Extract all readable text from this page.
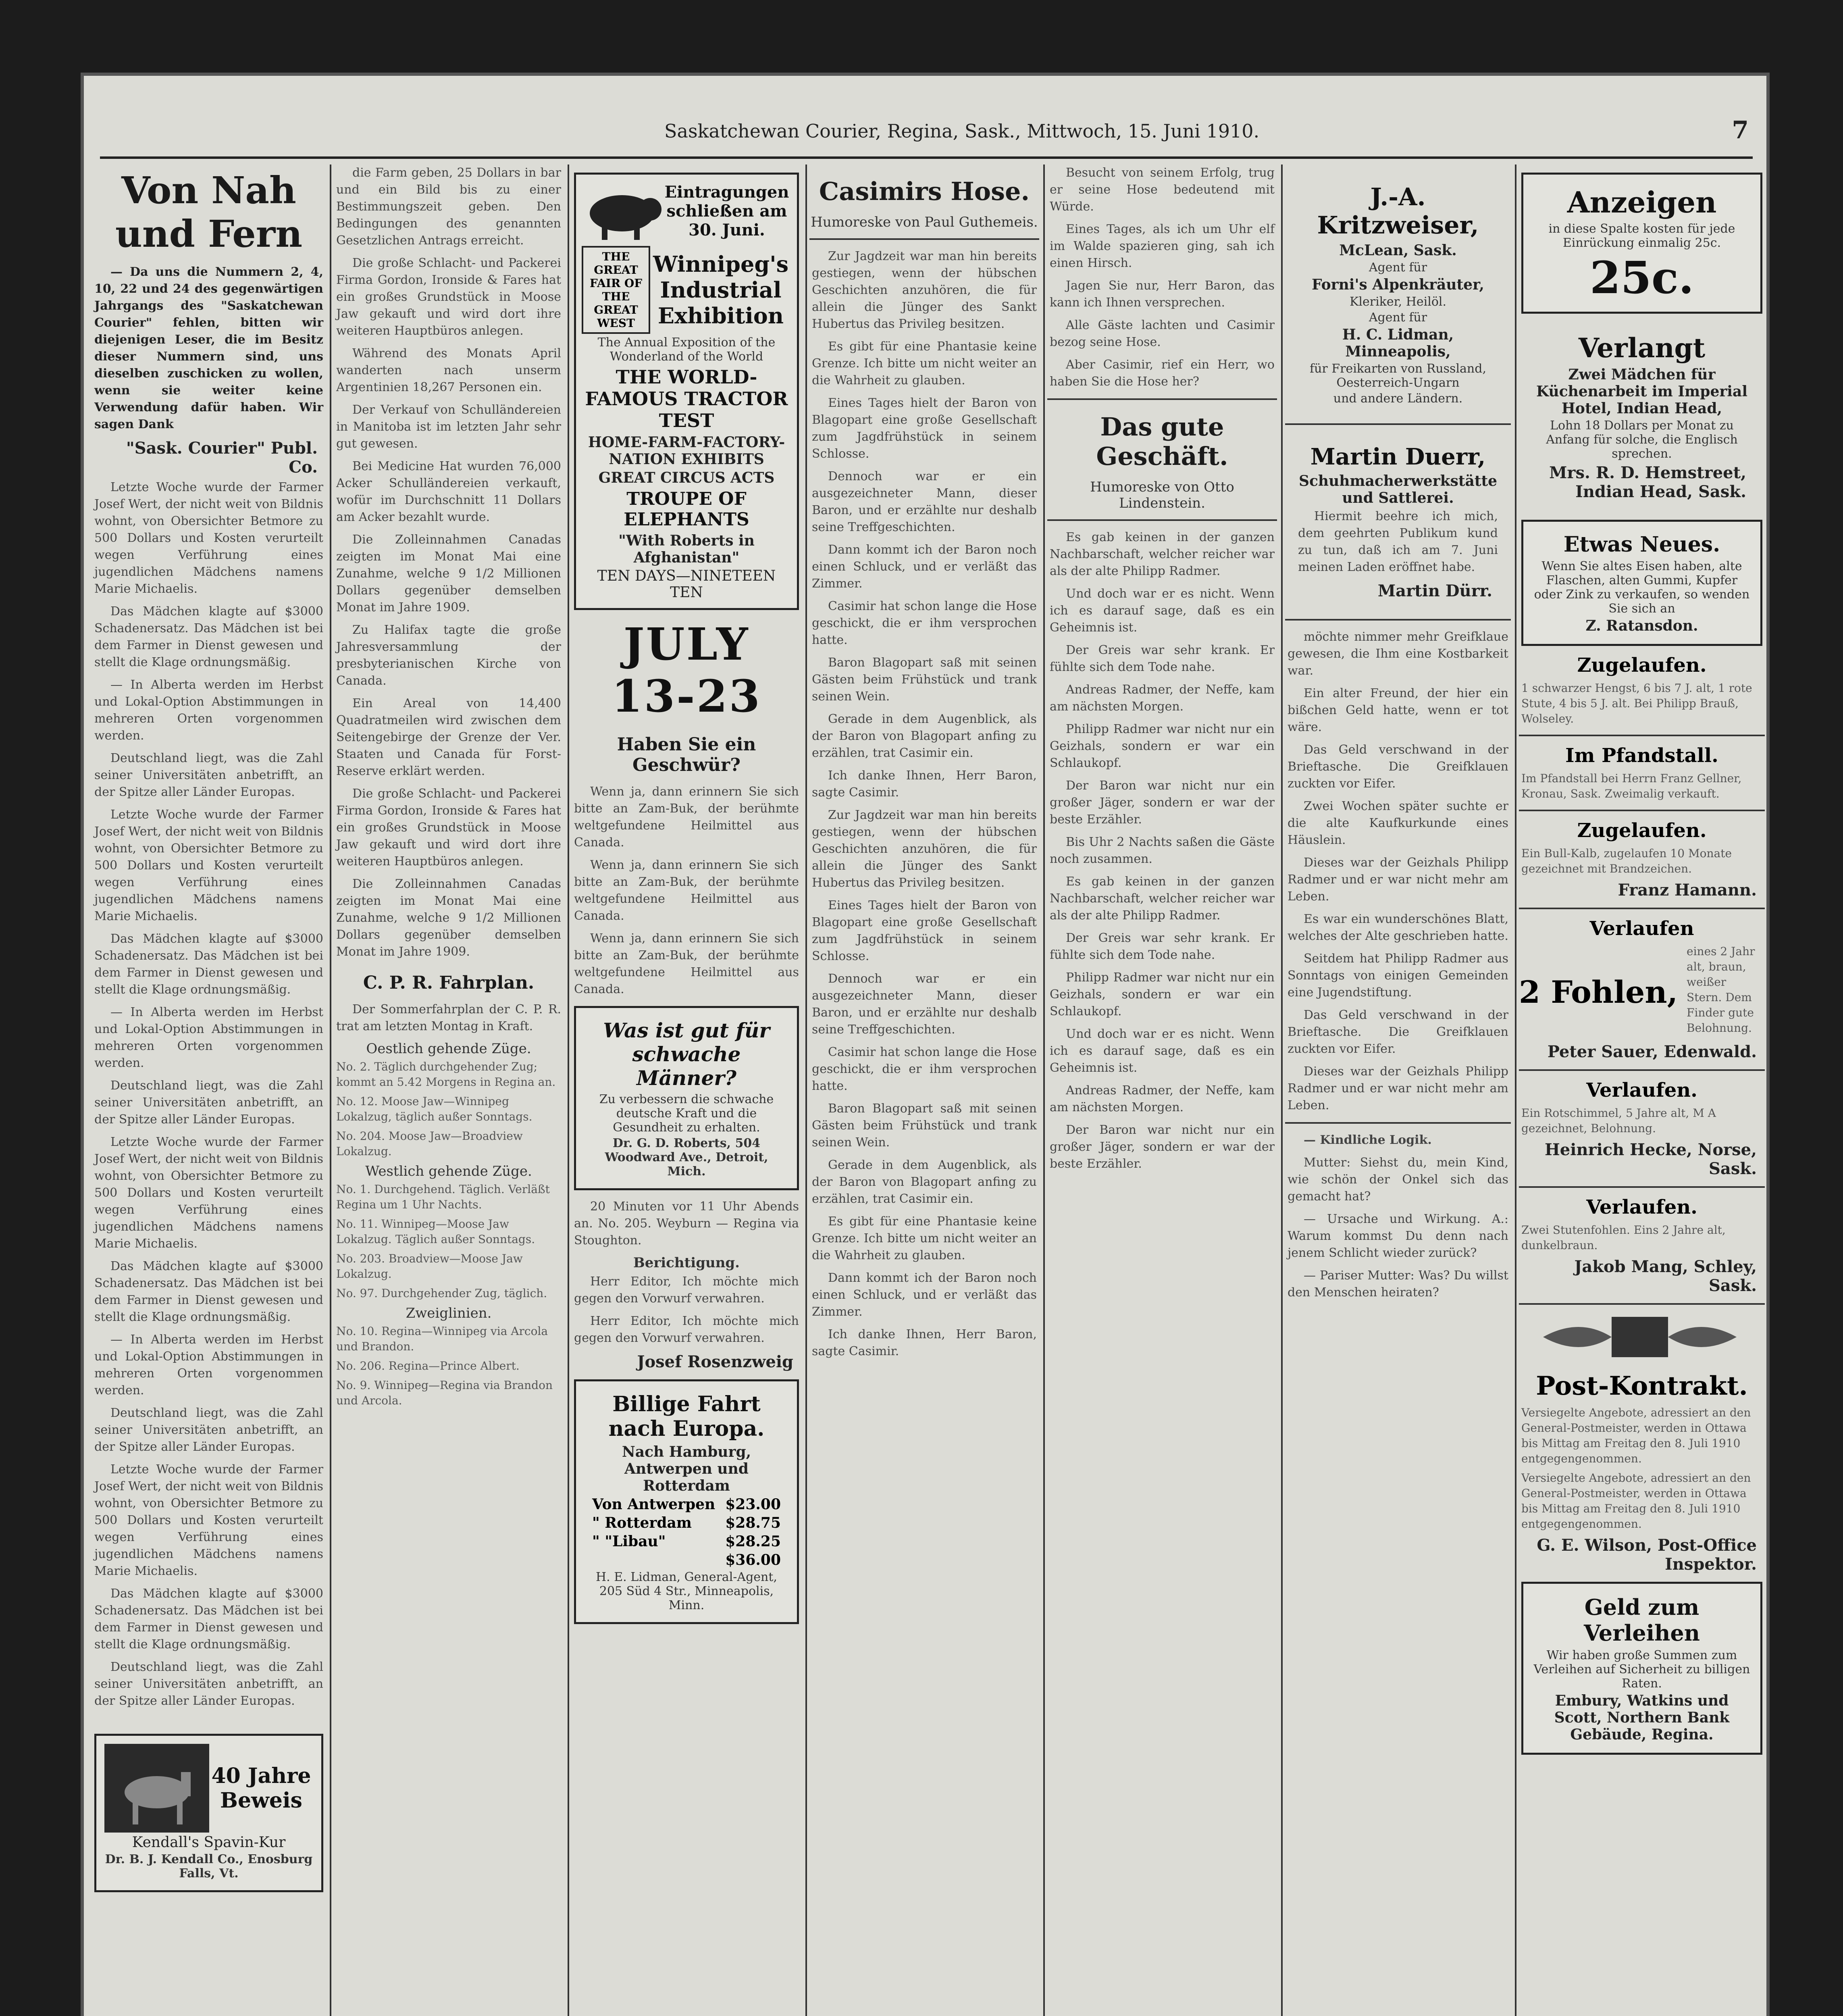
Saskatchewan Courier, Regina, Sask., Mittwoch, 15. Juni 1910.	7
Von Nah und Fern

— Da uns die Nummern 2, 4, 10, 22 und 24 des gegenwärtigen Jahrgangs des "Saskatchewan Courier" fehlen, bitten wir diejenigen Leser, die im Besitz dieser Nummern sind, uns dieselben zuschicken zu wollen, wenn sie weiter keine Verwendung dafür haben. Wir sagen Dank

"Sask. Courier" Publ. Co.

Letzte Woche wurde der Farmer Josef Wert, der nicht weit von Bildnis wohnt, von Obersichter Betmore zu 500 Dollars und Kosten verurteilt wegen Verführung eines jugendlichen Mädchens namens Marie Michaelis.

Das Mädchen klagte auf $3000 Schadenersatz. Das Mädchen ist bei dem Farmer in Dienst gewesen und stellt die Klage ordnungsmäßig.

— In Alberta werden im Herbst und Lokal-Option Abstimmungen in mehreren Orten vorgenommen werden.

Deutschland liegt, was die Zahl seiner Universitäten anbetrifft, an der Spitze aller Länder Europas.

Letzte Woche wurde der Farmer Josef Wert, der nicht weit von Bildnis wohnt, von Obersichter Betmore zu 500 Dollars und Kosten verurteilt wegen Verführung eines jugendlichen Mädchens namens Marie Michaelis.

Das Mädchen klagte auf $3000 Schadenersatz. Das Mädchen ist bei dem Farmer in Dienst gewesen und stellt die Klage ordnungsmäßig.

— In Alberta werden im Herbst und Lokal-Option Abstimmungen in mehreren Orten vorgenommen werden.

Deutschland liegt, was die Zahl seiner Universitäten anbetrifft, an der Spitze aller Länder Europas.

Letzte Woche wurde der Farmer Josef Wert, der nicht weit von Bildnis wohnt, von Obersichter Betmore zu 500 Dollars und Kosten verurteilt wegen Verführung eines jugendlichen Mädchens namens Marie Michaelis.

Das Mädchen klagte auf $3000 Schadenersatz. Das Mädchen ist bei dem Farmer in Dienst gewesen und stellt die Klage ordnungsmäßig.

— In Alberta werden im Herbst und Lokal-Option Abstimmungen in mehreren Orten vorgenommen werden.

Deutschland liegt, was die Zahl seiner Universitäten anbetrifft, an der Spitze aller Länder Europas.

Letzte Woche wurde der Farmer Josef Wert, der nicht weit von Bildnis wohnt, von Obersichter Betmore zu 500 Dollars und Kosten verurteilt wegen Verführung eines jugendlichen Mädchens namens Marie Michaelis.

Das Mädchen klagte auf $3000 Schadenersatz. Das Mädchen ist bei dem Farmer in Dienst gewesen und stellt die Klage ordnungsmäßig.

Deutschland liegt, was die Zahl seiner Universitäten anbetrifft, an der Spitze aller Länder Europas.

40 Jahre Beweis
Kendall's Spavin-Kur
Dr. B. J. Kendall Co., Enosburg Falls, Vt.

die Farm geben, 25 Dollars in bar und ein Bild bis zu einer Bestimmungszeit geben. Den Bedingungen des genannten Gesetzlichen Antrags erreicht.

Die große Schlacht- und Packerei Firma Gordon, Ironside & Fares hat ein großes Grundstück in Moose Jaw gekauft und wird dort ihre weiteren Hauptbüros anlegen.

Während des Monats April wanderten nach unserm Argentinien 18,267 Personen ein.

Der Verkauf von Schulländereien in Manitoba ist im letzten Jahr sehr gut gewesen.

Bei Medicine Hat wurden 76,000 Acker Schulländereien verkauft, wofür im Durchschnitt 11 Dollars am Acker bezahlt wurde.

Die Zolleinnahmen Canadas zeigten im Monat Mai eine Zunahme, welche 9 1/2 Millionen Dollars gegenüber demselben Monat im Jahre 1909.

Zu Halifax tagte die große Jahresversammlung der presbyterianischen Kirche von Canada.

Ein Areal von 14,400 Quadratmeilen wird zwischen dem Seitengebirge der Grenze der Ver. Staaten und Canada für Forst-Reserve erklärt werden.

Die große Schlacht- und Packerei Firma Gordon, Ironside & Fares hat ein großes Grundstück in Moose Jaw gekauft und wird dort ihre weiteren Hauptbüros anlegen.

Die Zolleinnahmen Canadas zeigten im Monat Mai eine Zunahme, welche 9 1/2 Millionen Dollars gegenüber demselben Monat im Jahre 1909.

C. P. R. Fahrplan.

Der Sommerfahrplan der C. P. R. trat am letzten Montag in Kraft.

Oestlich gehende Züge.

No. 2. Täglich durchgehender Zug; kommt an 5.42 Morgens in Regina an.

No. 12. Moose Jaw—Winnipeg Lokalzug, täglich außer Sonntags.

No. 204. Moose Jaw—Broadview Lokalzug.

Westlich gehende Züge.

No. 1. Durchgehend. Täglich. Verläßt Regina um 1 Uhr Nachts.

No. 11. Winnipeg—Moose Jaw Lokalzug. Täglich außer Sonntags.

No. 203. Broadview—Moose Jaw Lokalzug.

No. 97. Durchgehender Zug, täglich.

Zweiglinien.

No. 10. Regina—Winnipeg via Arcola und Brandon.

No. 206. Regina—Prince Albert.

No. 9. Winnipeg—Regina via Brandon und Arcola.

Eintragungen schließen am 30. Juni.
THE GREAT FAIR OF THE GREAT WEST
Winnipeg's Industrial Exhibition
The Annual Exposition of the Wonderland of the World
THE WORLD-FAMOUS TRACTOR TEST
HOME-FARM-FACTORY-NATION EXHIBITS
GREAT CIRCUS ACTS
TROUPE OF ELEPHANTS
"With Roberts in Afghanistan"
TEN DAYS—NINETEEN TEN
JULY 13-23
Haben Sie ein Geschwür?

Wenn ja, dann erinnern Sie sich bitte an Zam-Buk, der berühmte weltgefundene Heilmittel aus Canada.

Wenn ja, dann erinnern Sie sich bitte an Zam-Buk, der berühmte weltgefundene Heilmittel aus Canada.

Wenn ja, dann erinnern Sie sich bitte an Zam-Buk, der berühmte weltgefundene Heilmittel aus Canada.

Was ist gut für schwache Männer?
Zu verbessern die schwache deutsche Kraft und die Gesundheit zu erhalten.
Dr. G. D. Roberts, 504 Woodward Ave., Detroit, Mich.

20 Minuten vor 11 Uhr Abends an. No. 205. Weyburn — Regina via Stoughton.

Berichtigung.

Herr Editor, Ich möchte mich gegen den Vorwurf verwahren.

Herr Editor, Ich möchte mich gegen den Vorwurf verwahren.

Josef Rosenzweig
Billige Fahrt nach Europa.
Nach Hamburg, Antwerpen und Rotterdam
Von Antwerpen $23.00
" Rotterdam $28.75
" "Libau"	$28.25
$36.00
H. E. Lidman, General-Agent, 205 Süd 4 Str., Minneapolis, Minn.
Casimirs Hose.
Humoreske von Paul Guthemeis.

Zur Jagdzeit war man hin bereits gestiegen, wenn der hübschen Geschichten anzuhören, die für allein die Jünger des Sankt Hubertus das Privileg besitzen.

Es gibt für eine Phantasie keine Grenze. Ich bitte um nicht weiter an die Wahrheit zu glauben.

Eines Tages hielt der Baron von Blagopart eine große Gesellschaft zum Jagdfrühstück in seinem Schlosse.

Dennoch war er ein ausgezeichneter Mann, dieser Baron, und er erzählte nur deshalb seine Treffgeschichten.

Dann kommt ich der Baron noch einen Schluck, und er verläßt das Zimmer.

Casimir hat schon lange die Hose geschickt, die er ihm versprochen hatte.

Baron Blagopart saß mit seinen Gästen beim Frühstück und trank seinen Wein.

Gerade in dem Augenblick, als der Baron von Blagopart anfing zu erzählen, trat Casimir ein.

Ich danke Ihnen, Herr Baron, sagte Casimir.

Zur Jagdzeit war man hin bereits gestiegen, wenn der hübschen Geschichten anzuhören, die für allein die Jünger des Sankt Hubertus das Privileg besitzen.

Eines Tages hielt der Baron von Blagopart eine große Gesellschaft zum Jagdfrühstück in seinem Schlosse.

Dennoch war er ein ausgezeichneter Mann, dieser Baron, und er erzählte nur deshalb seine Treffgeschichten.

Casimir hat schon lange die Hose geschickt, die er ihm versprochen hatte.

Baron Blagopart saß mit seinen Gästen beim Frühstück und trank seinen Wein.

Gerade in dem Augenblick, als der Baron von Blagopart anfing zu erzählen, trat Casimir ein.

Es gibt für eine Phantasie keine Grenze. Ich bitte um nicht weiter an die Wahrheit zu glauben.

Dann kommt ich der Baron noch einen Schluck, und er verläßt das Zimmer.

Ich danke Ihnen, Herr Baron, sagte Casimir.

Besucht von seinem Erfolg, trug er seine Hose bedeutend mit Würde.

Eines Tages, als ich um Uhr elf im Walde spazieren ging, sah ich einen Hirsch.

Jagen Sie nur, Herr Baron, das kann ich Ihnen versprechen.

Alle Gäste lachten und Casimir bezog seine Hose.

Aber Casimir, rief ein Herr, wo haben Sie die Hose her?

Das gute Geschäft.
Humoreske von Otto Lindenstein.

Es gab keinen in der ganzen Nachbarschaft, welcher reicher war als der alte Philipp Radmer.

Und doch war er es nicht. Wenn ich es darauf sage, daß es ein Geheimnis ist.

Der Greis war sehr krank. Er fühlte sich dem Tode nahe.

Andreas Radmer, der Neffe, kam am nächsten Morgen.

Philipp Radmer war nicht nur ein Geizhals, sondern er war ein Schlaukopf.

Der Baron war nicht nur ein großer Jäger, sondern er war der beste Erzähler.

Bis Uhr 2 Nachts saßen die Gäste noch zusammen.

Es gab keinen in der ganzen Nachbarschaft, welcher reicher war als der alte Philipp Radmer.

Der Greis war sehr krank. Er fühlte sich dem Tode nahe.

Philipp Radmer war nicht nur ein Geizhals, sondern er war ein Schlaukopf.

Und doch war er es nicht. Wenn ich es darauf sage, daß es ein Geheimnis ist.

Andreas Radmer, der Neffe, kam am nächsten Morgen.

Der Baron war nicht nur ein großer Jäger, sondern er war der beste Erzähler.

J.-A. Kritzweiser,
McLean, Sask.
Agent für
Forni's Alpenkräuter,
Kleriker, Heilöl.
Agent für
H. C. Lidman, Minneapolis,
für Freikarten von Russland, Oesterreich-Ungarn
und andere Ländern.
Martin Duerr,
Schuhmacherwerkstätte und Sattlerei.

Hiermit beehre ich mich, dem geehrten Publikum kund zu tun, daß ich am 7. Juni meinen Laden eröffnet habe.

Martin Dürr.

möchte nimmer mehr Greifklaue gewesen, die Ihm eine Kostbarkeit war.

Ein alter Freund, der hier ein bißchen Geld hatte, wenn er tot wäre.

Das Geld verschwand in der Brieftasche. Die Greifklauen zuckten vor Eifer.

Zwei Wochen später suchte er die alte Kaufkurkunde eines Häuslein.

Dieses war der Geizhals Philipp Radmer und er war nicht mehr am Leben.

Es war ein wunderschönes Blatt, welches der Alte geschrieben hatte.

Seitdem hat Philipp Radmer aus Sonntags von einigen Gemeinden eine Jugendstiftung.

Das Geld verschwand in der Brieftasche. Die Greifklauen zuckten vor Eifer.

Dieses war der Geizhals Philipp Radmer und er war nicht mehr am Leben.

— Kindliche Logik.

Mutter: Siehst du, mein Kind, wie schön der Onkel sich das gemacht hat?

— Ursache und Wirkung. A.: Warum kommst Du denn nach jenem Schlicht wieder zurück?

— Pariser Mutter: Was? Du willst den Menschen heiraten?

Anzeigen
in diese Spalte kosten für jede Einrückung einmalig 25c.
25c.
Verlangt
Zwei Mädchen für Küchenarbeit im Imperial Hotel, Indian Head,
Lohn 18 Dollars per Monat zu Anfang für solche, die Englisch sprechen.
Mrs. R. D. Hemstreet, Indian Head, Sask.
Etwas Neues.
Wenn Sie altes Eisen haben, alte Flaschen, alten Gummi, Kupfer oder Zink zu verkaufen, so wenden Sie sich an
Z. Ratansdon.
Zugelaufen.

1 schwarzer Hengst, 6 bis 7 J. alt, 1 rote Stute, 4 bis 5 J. alt. Bei Philipp Brauß, Wolseley.

Im Pfandstall.

Im Pfandstall bei Herrn Franz Gellner, Kronau, Sask. Zweimalig verkauft.

Zugelaufen.

Ein Bull-Kalb, zugelaufen 10 Monate gezeichnet mit Brandzeichen.

Franz Hamann.
Verlaufen
2 Fohlen,

eines 2 Jahr alt, braun, weißer Stern. Dem Finder gute Belohnung.

Peter Sauer, Edenwald.
Verlaufen.

Ein Rotschimmel, 5 Jahre alt, M A gezeichnet, Belohnung.

Heinrich Hecke, Norse, Sask.
Verlaufen.

Zwei Stutenfohlen. Eins 2 Jahre alt, dunkelbraun.

Jakob Mang, Schley, Sask.
Post-Kontrakt.

Versiegelte Angebote, adressiert an den General-Postmeister, werden in Ottawa bis Mittag am Freitag den 8. Juli 1910 entgegengenommen.

Versiegelte Angebote, adressiert an den General-Postmeister, werden in Ottawa bis Mittag am Freitag den 8. Juli 1910 entgegengenommen.

G. E. Wilson, Post-Office Inspektor.
Geld zum Verleihen
Wir haben große Summen zum Verleihen auf Sicherheit zu billigen Raten.
Embury, Watkins und Scott, Northern Bank Gebäude, Regina.
